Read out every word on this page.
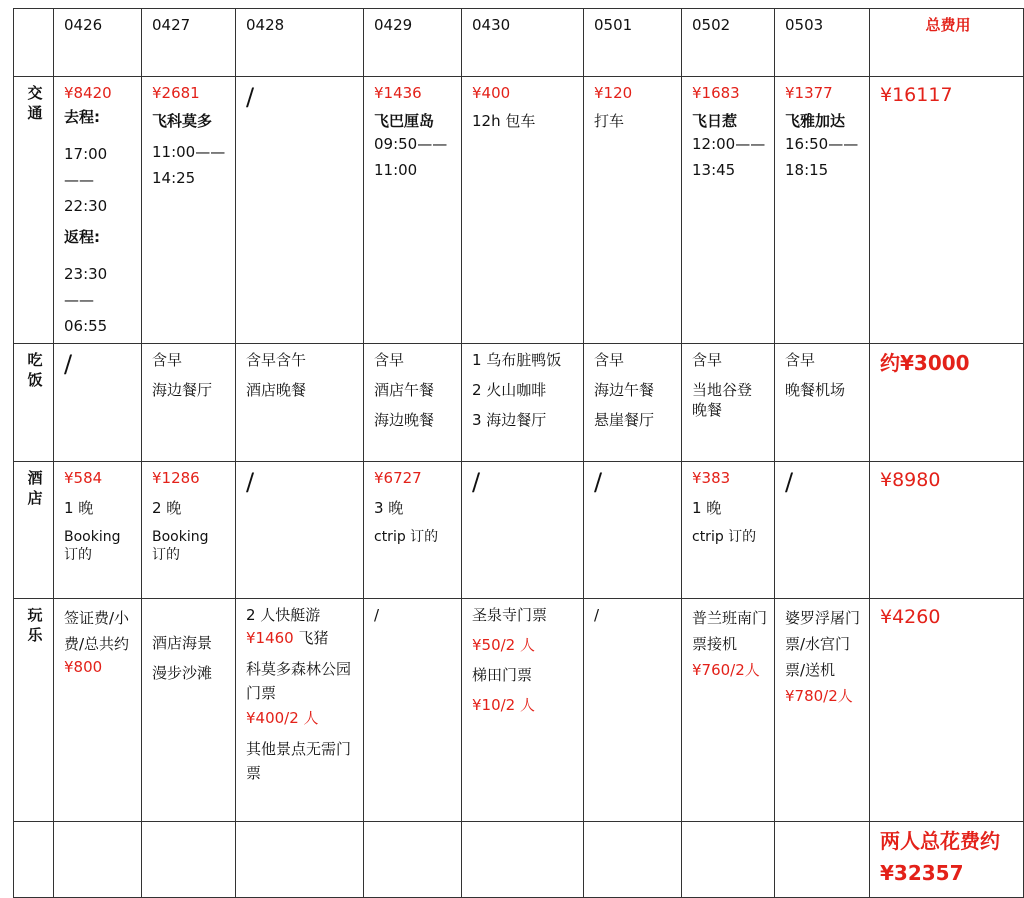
	0426	0427	0428	0429	0430	0501	0502	0503	总费用

交通	¥8420
去程:
17:00——22:30
返程:
23:30——06:55	¥2681
飞科莫多
11:00——14:25	/	¥1436
飞巴厘岛
09:50——11:00	¥400
12h 包车	¥120
打车	¥1683
飞日惹
12:00——13:45	¥1377
飞雅加达
16:50——18:15	¥16117

吃饭	/	含早
海边餐厅	含早含午
酒店晚餐	含早
酒店午餐
海边晚餐	1 乌布脏鸭饭
2 火山咖啡
3 海边餐厅	含早
海边午餐
悬崖餐厅	含早
当地谷登晚餐	含早
晚餐机场	约¥3000

酒店	¥584
1 晚
Booking 订的	¥1286
2 晚
Booking 订的	/	¥6727
3 晚
ctrip 订的	/	/	¥383
1 晚
ctrip 订的	/	¥8980

玩乐	签证费/小费/总共约
¥800	酒店海景
漫步沙滩	2 人快艇游
¥1460 飞猪
科莫多森林公园门票
¥400/2 人
其他景点无需门票	/	圣泉寺门票
¥50/2 人
梯田门票
¥10/2 人	/	普兰班南门票接机
¥760/2人	婆罗浮屠门票/水宫门票/送机
¥780/2人	¥4260

									两人总花费约
¥32357
